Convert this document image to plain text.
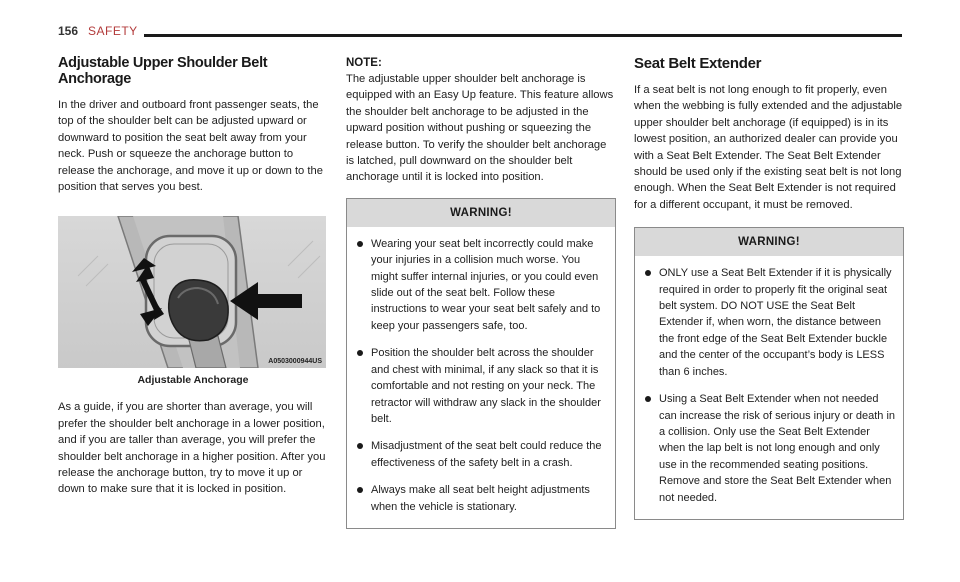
156 SAFETY
Adjustable Upper Shoulder Belt Anchorage

In the driver and outboard front passenger seats, the top of the shoulder belt can be adjusted upward or downward to position the seat belt away from your neck. Push or squeeze the anchorage button to release the anchorage, and move it up or down to the position that serves you best.

A0503000944US
Adjustable Anchorage

As a guide, if you are shorter than average, you will prefer the shoulder belt anchorage in a lower position, and if you are taller than average, you will prefer the shoulder belt anchorage in a higher position. After you release the anchorage button, try to move it up or down to make sure that it is locked in position.

NOTE:

The adjustable upper shoulder belt anchorage is equipped with an Easy Up feature. This feature allows the shoulder belt anchorage to be adjusted in the upward position without pushing or squeezing the release button. To verify the shoulder belt anchorage is latched, pull downward on the shoulder belt anchorage until it is locked into position.

WARNING!
Wearing your seat belt incorrectly could make your injuries in a collision much worse. You might suffer internal injuries, or you could even slide out of the seat belt. Follow these instructions to wear your seat belt safely and to keep your passengers safe, too.
Position the shoulder belt across the shoulder and chest with minimal, if any slack so that it is comfortable and not resting on your neck. The retractor will withdraw any slack in the shoulder belt.
Misadjustment of the seat belt could reduce the effectiveness of the safety belt in a crash.
Always make all seat belt height adjustments when the vehicle is stationary.
Seat Belt Extender

If a seat belt is not long enough to fit properly, even when the webbing is fully extended and the adjustable upper shoulder belt anchorage (if equipped) is in its lowest position, an authorized dealer can provide you with a Seat Belt Extender. The Seat Belt Extender should be used only if the existing seat belt is not long enough. When the Seat Belt Extender is not required for a different occupant, it must be removed.

WARNING!
ONLY use a Seat Belt Extender if it is physically required in order to properly fit the original seat belt system. DO NOT USE the Seat Belt Extender if, when worn, the distance between the front edge of the Seat Belt Extender buckle and the center of the occupant’s body is LESS than 6 inches.
Using a Seat Belt Extender when not needed can increase the risk of serious injury or death in a collision. Only use the Seat Belt Extender when the lap belt is not long enough and only use in the recommended seating positions. Remove and store the Seat Belt Extender when not needed.
